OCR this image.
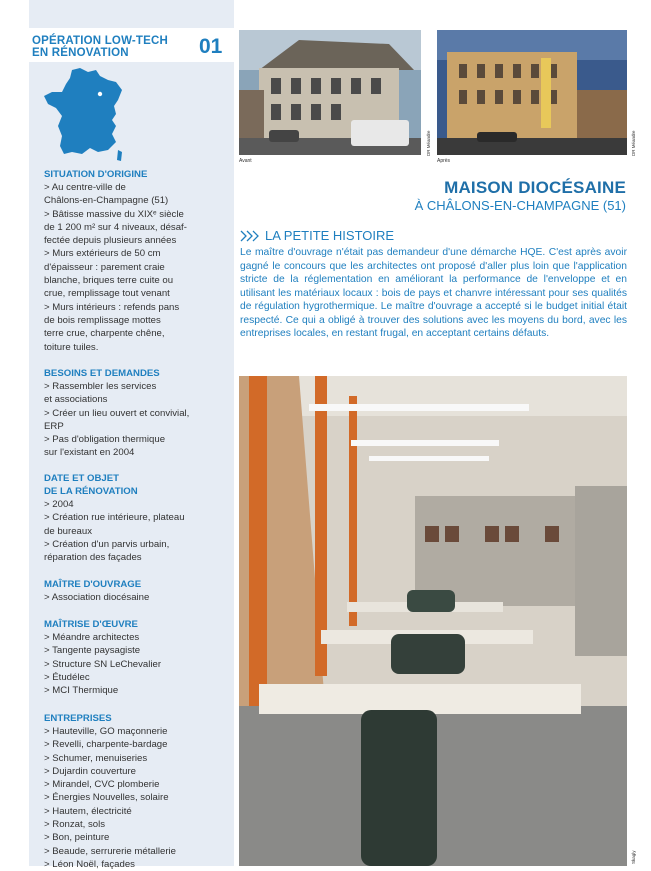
OPÉRATION LOW-TECH
EN RÉNOVATION	01
SITUATION D'ORIGINE
> Au centre-ville de
Châlons-en-Champagne (51)
> Bâtisse massive du XIXᵉ siècle
de 1 200 m² sur 4 niveaux, désaf-
fectée depuis plusieurs années
> Murs extérieurs de 50 cm
d'épaisseur : parement craie
blanche, briques terre cuite ou
crue, remplissage tout venant
> Murs intérieurs : refends pans
de bois remplissage mottes
terre crue, charpente chêne,
toiture tuiles.
BESOINS ET DEMANDES
> Rassembler les services
et associations
> Créer un lieu ouvert et convivial,
ERP
> Pas d'obligation thermique
sur l'existant en 2004
DATE ET OBJET
DE LA RÉNOVATION
> 2004
> Création rue intérieure, plateau
de bureaux
> Création d'un parvis urbain,
réparation des façades
MAÎTRE D'OUVRAGE
> Association diocésaine
MAÎTRISE D'ŒUVRE
> Méandre architectes
> Tangente paysagiste
> Structure SN LeChevalier
> Étudélec
> MCI Thermique
ENTREPRISES
> Hauteville, GO maçonnerie
> Revelli, charpente-bardage
> Schumer, menuiseries
> Dujardin couverture
> Mirandel, CVC plomberie
> Énergies Nouvelles, solaire
> Hautem, électricité
> Ronzat, sols
> Bon, peinture
> Beaude, serrurerie métallerie
> Léon Noël, façades
Avant
DR Méandre
Après
DR Méandre
MAISON DIOCÉSAINE
À CHÂLONS-EN-CHAMPAGNE (51)
LA PETITE HISTOIRE

Le maître d'ouvrage n'était pas demandeur d'une démarche HQE. C'est après avoir gagné le concours que les architectes ont proposé d'aller plus loin que l'application stricte de la réglementation en améliorant la performance de l'enveloppe et en utilisant les matériaux locaux : bois de pays et chanvre intéressant pour ses qualités de régulation hygrothermique. Le maître d'ouvrage a accepté si le budget initial était respecté. Ce qui a obligé à trouver des solutions avec les moyens du bord, avec les entreprises locales, en restant frugal, en acceptant certains défauts.

Skagly
